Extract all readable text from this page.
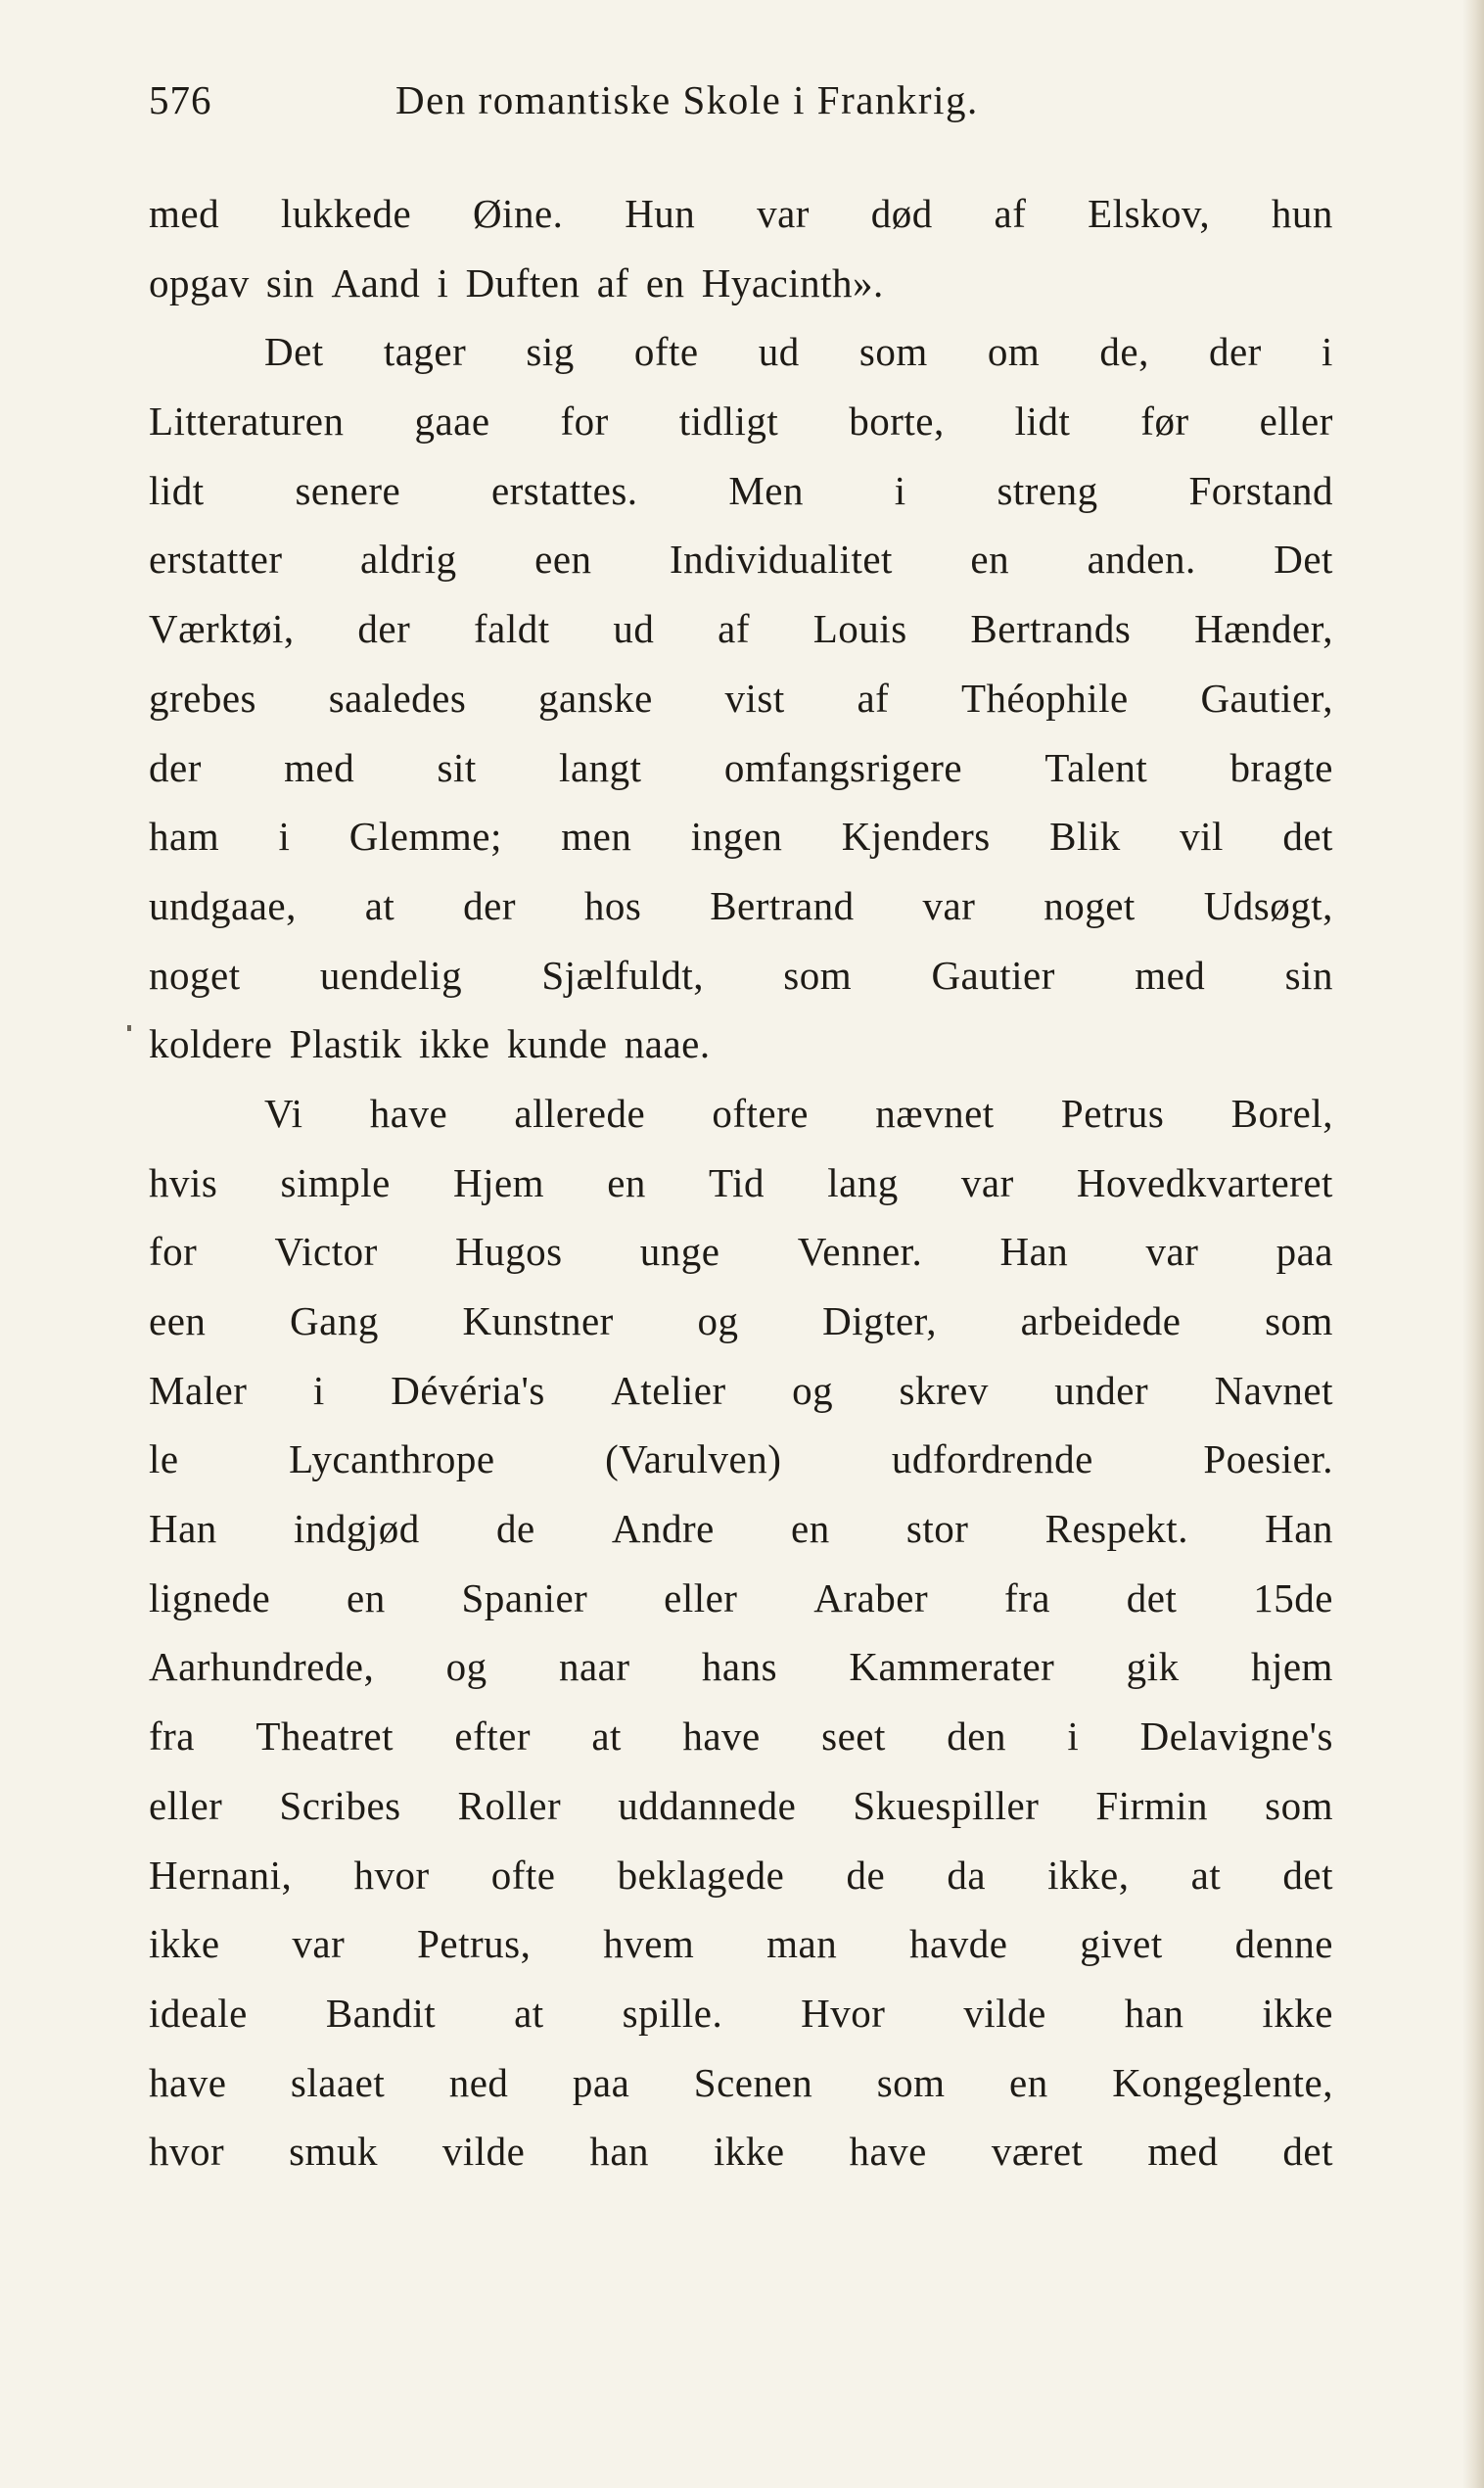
576	Den romantiske Skole i Frankrig.
med lukkede Øine. Hun var død af Elskov, hun
opgav sin Aand i Duften af en Hyacinth».
Det tager sig ofte ud som om de, der i
Litteraturen gaae for tidligt borte, lidt før eller
lidt senere erstattes. Men i streng Forstand
erstatter aldrig een Individualitet en anden. Det
Værktøi, der faldt ud af Louis Bertrands Hænder,
grebes saaledes ganske vist af Théophile Gautier,
der med sit langt omfangsrigere Talent bragte
ham i Glemme; men ingen Kjenders Blik vil det
undgaae, at der hos Bertrand var noget Udsøgt,
noget uendelig Sjælfuldt, som Gautier med sin
koldere Plastik ikke kunde naae.
Vi have allerede oftere nævnet Petrus Borel,
hvis simple Hjem en Tid lang var Hovedkvarteret
for Victor Hugos unge Venner. Han var paa
een Gang Kunstner og Digter, arbeidede som
Maler i Dévéria's Atelier og skrev under Navnet
le	Lycanthrope	(Varulven)	udfordrende	Poesier.
Han indgjød de Andre en stor Respekt. Han
lignede en Spanier eller Araber fra det 15de
Aarhundrede, og naar hans Kammerater gik hjem
fra Theatret efter at have seet den i Delavigne's
eller Scribes Roller uddannede Skuespiller Firmin som
Hernani, hvor ofte beklagede de da ikke, at det
ikke var Petrus, hvem man havde givet denne
ideale Bandit at spille. Hvor vilde han ikke
have slaaet ned paa Scenen som en Kongeglente,
hvor smuk vilde han ikke have været med det
